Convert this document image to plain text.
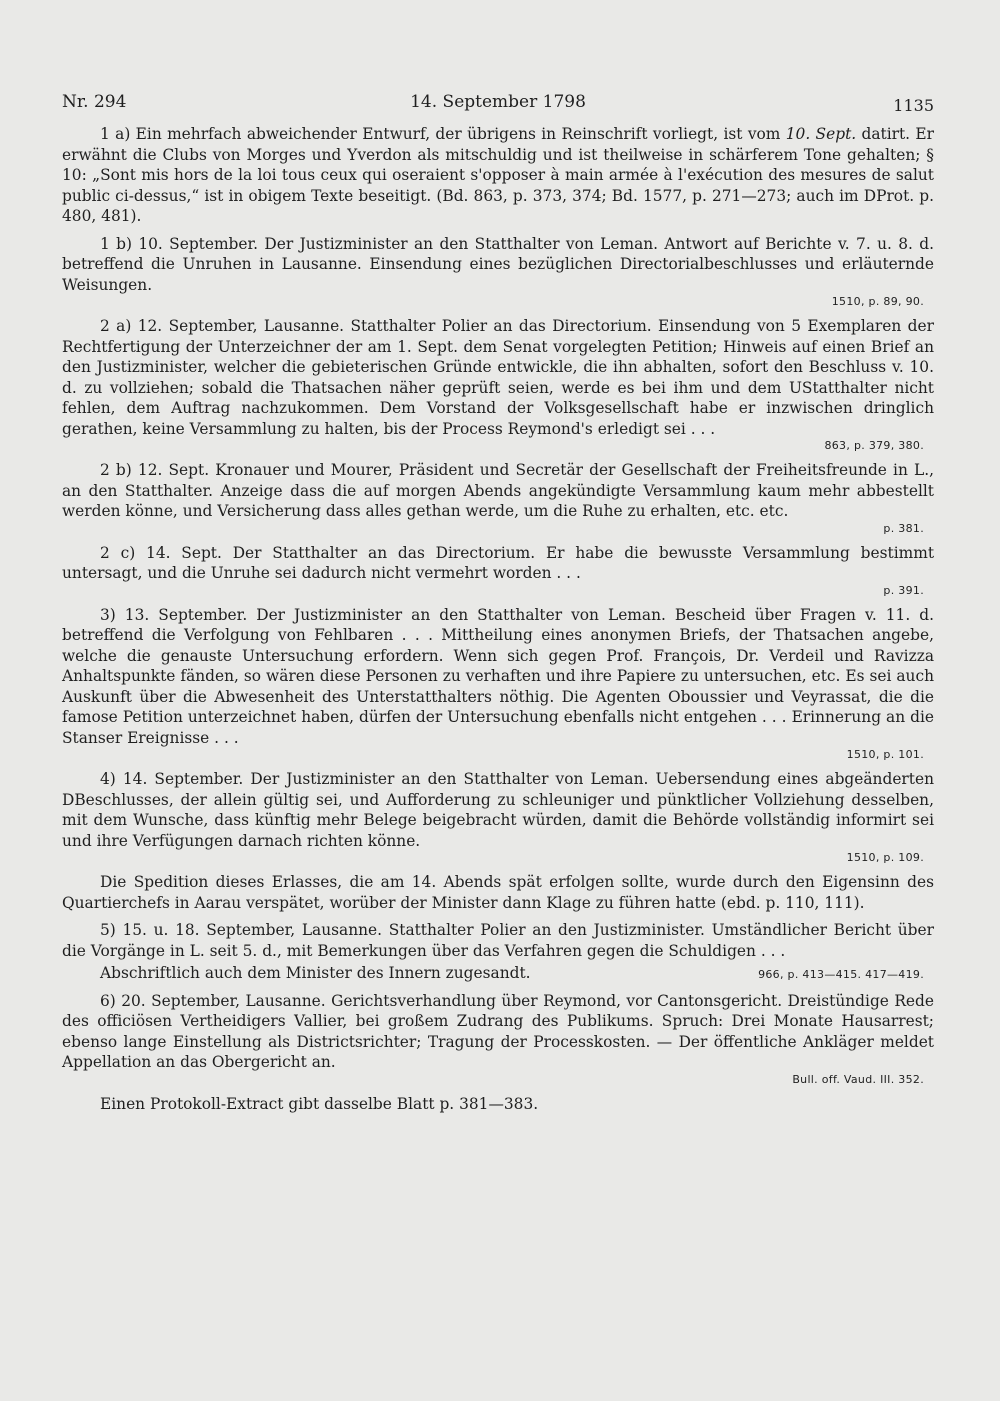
Nr. 294	14. September 1798	1135

1 a) Ein mehrfach abweichender Entwurf, der übrigens in Reinschrift vorliegt, ist vom 10. Sept. datirt. Er erwähnt die Clubs von Morges und Yverdon als mitschuldig und ist theilweise in schärferem Tone gehalten; § 10: „Sont mis hors de la loi tous ceux qui oseraient s'opposer à main armée à l'exécution des mesures de salut public ci-dessus,“ ist in obigem Texte beseitigt. (Bd. 863, p. 373, 374; Bd. 1577, p. 271—273; auch im DProt. p. 480, 481).

1 b) 10. September. Der Justizminister an den Statthalter von Leman. Antwort auf Berichte v. 7. u. 8. d. betreffend die Unruhen in Lausanne. Einsendung eines bezüglichen Directorialbeschlusses und erläuternde Weisungen.

1510, p. 89, 90.

2 a) 12. September, Lausanne. Statthalter Polier an das Directorium. Einsendung von 5 Exemplaren der Rechtfertigung der Unterzeichner der am 1. Sept. dem Senat vorgelegten Petition; Hinweis auf einen Brief an den Justizminister, welcher die gebieterischen Gründe entwickle, die ihn abhalten, sofort den Beschluss v. 10. d. zu vollziehen; sobald die Thatsachen näher geprüft seien, werde es bei ihm und dem UStatthalter nicht fehlen, dem Auftrag nachzukommen. Dem Vorstand der Volksgesellschaft habe er inzwischen dringlich gerathen, keine Versammlung zu halten, bis der Process Reymond's erledigt sei . . .

863, p. 379, 380.

2 b) 12. Sept. Kronauer und Mourer, Präsident und Secretär der Gesellschaft der Freiheitsfreunde in L., an den Statthalter. Anzeige dass die auf morgen Abends angekündigte Versammlung kaum mehr abbestellt werden könne, und Versicherung dass alles gethan werde, um die Ruhe zu erhalten, etc. etc.

p. 381.

2 c) 14. Sept. Der Statthalter an das Directorium. Er habe die bewusste Versammlung bestimmt untersagt, und die Unruhe sei dadurch nicht vermehrt worden . . .

p. 391.

3) 13. September. Der Justizminister an den Statthalter von Leman. Bescheid über Fragen v. 11. d. betreffend die Verfolgung von Fehlbaren . . . Mittheilung eines anonymen Briefs, der Thatsachen angebe, welche die genauste Untersuchung erfordern. Wenn sich gegen Prof. François, Dr. Verdeil und Ravizza Anhaltspunkte fänden, so wären diese Personen zu verhaften und ihre Papiere zu untersuchen, etc. Es sei auch Auskunft über die Abwesenheit des Unterstatthalters nöthig. Die Agenten Oboussier und Veyrassat, die die famose Petition unterzeichnet haben, dürfen der Untersuchung ebenfalls nicht entgehen . . . Erinnerung an die Stanser Ereignisse . . .

1510, p. 101.

4) 14. September. Der Justizminister an den Statthalter von Leman. Uebersendung eines abgeänderten DBeschlusses, der allein gültig sei, und Aufforderung zu schleuniger und pünktlicher Vollziehung desselben, mit dem Wunsche, dass künftig mehr Belege beigebracht würden, damit die Behörde vollständig informirt sei und ihre Verfügungen darnach richten könne.

1510, p. 109.

Die Spedition dieses Erlasses, die am 14. Abends spät erfolgen sollte, wurde durch den Eigensinn des Quartierchefs in Aarau verspätet, worüber der Minister dann Klage zu führen hatte (ebd. p. 110, 111).

5) 15. u. 18. September, Lausanne. Statthalter Polier an den Justizminister. Umständlicher Bericht über die Vorgänge in L. seit 5. d., mit Bemerkungen über das Verfahren gegen die Schuldigen . . .

Abschriftlich auch dem Minister des Innern zugesandt.	966, p. 413—415. 417—419.

6) 20. September, Lausanne. Gerichtsverhandlung über Reymond, vor Cantonsgericht. Dreistündige Rede des officiösen Vertheidigers Vallier, bei großem Zudrang des Publikums. Spruch: Drei Monate Hausarrest; ebenso lange Einstellung als Districtsrichter; Tragung der Processkosten. — Der öffentliche Ankläger meldet Appellation an das Obergericht an.

Bull. off. Vaud. III. 352.

Einen Protokoll-Extract gibt dasselbe Blatt p. 381—383.
